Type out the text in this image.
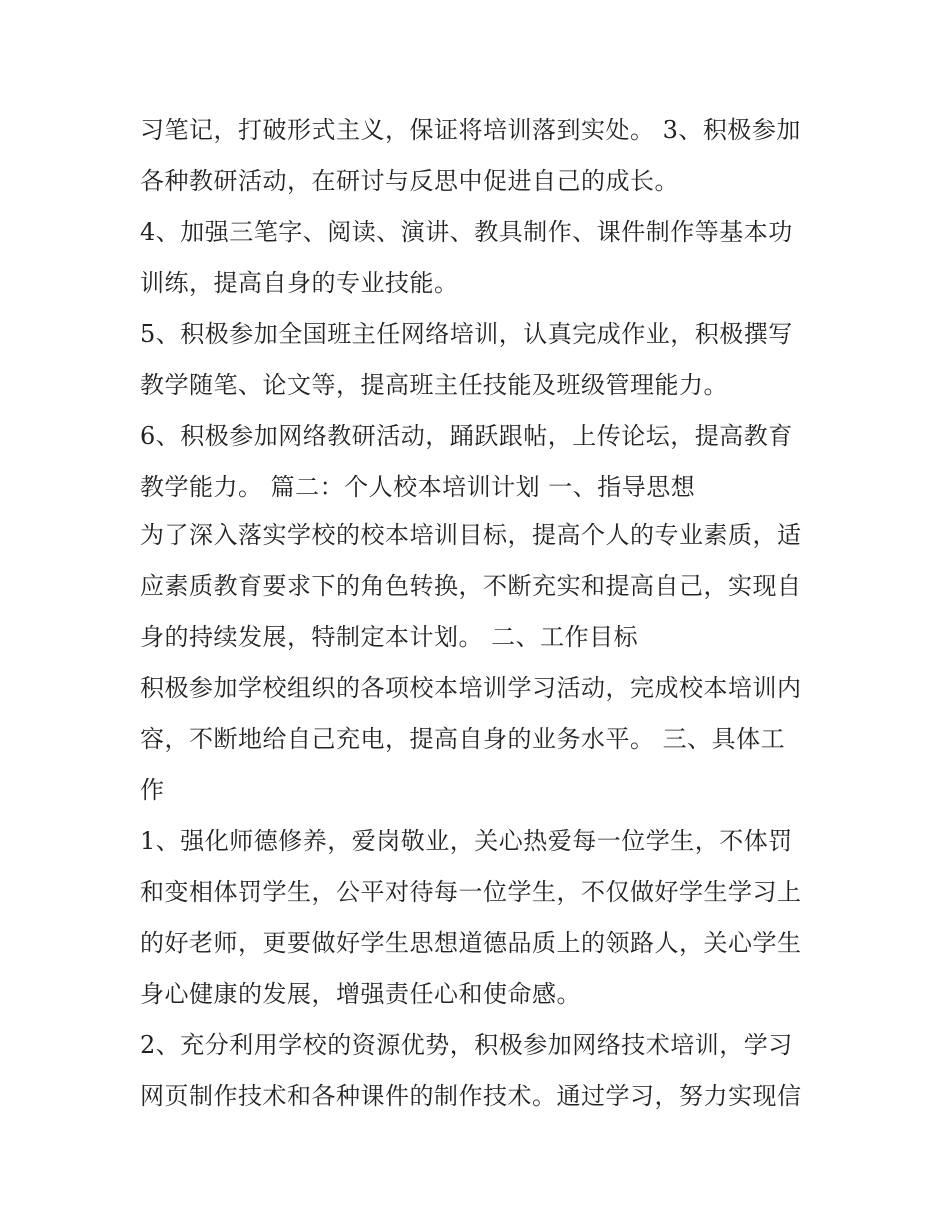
习笔记，打破形式主义，保证将培训落到实处。 3、积极参加
各种教研活动，在研讨与反思中促进自己的成长。
4、加强三笔字、阅读、演讲、教具制作、课件制作等基本功
训练，提高自身的专业技能。
5、积极参加全国班主任网络培训，认真完成作业，积极撰写
教学随笔、论文等，提高班主任技能及班级管理能力。
6、积极参加网络教研活动，踊跃跟帖，上传论坛，提高教育
教学能力。 篇二：个人校本培训计划 一、指导思想
为了深入落实学校的校本培训目标，提高个人的专业素质，适
应素质教育要求下的角色转换，不断充实和提高自己，实现自
身的持续发展，特制定本计划。 二、工作目标
积极参加学校组织的各项校本培训学习活动，完成校本培训内
容，不断地给自己充电，提高自身的业务水平。 三、具体工
作
1、强化师德修养，爱岗敬业，关心热爱每一位学生，不体罚
和变相体罚学生，公平对待每一位学生，不仅做好学生学习上
的好老师，更要做好学生思想道德品质上的领路人，关心学生
身心健康的发展，增强责任心和使命感。
2、充分利用学校的资源优势，积极参加网络技术培训，学习
网页制作技术和各种课件的制作技术。通过学习，努力实现信
